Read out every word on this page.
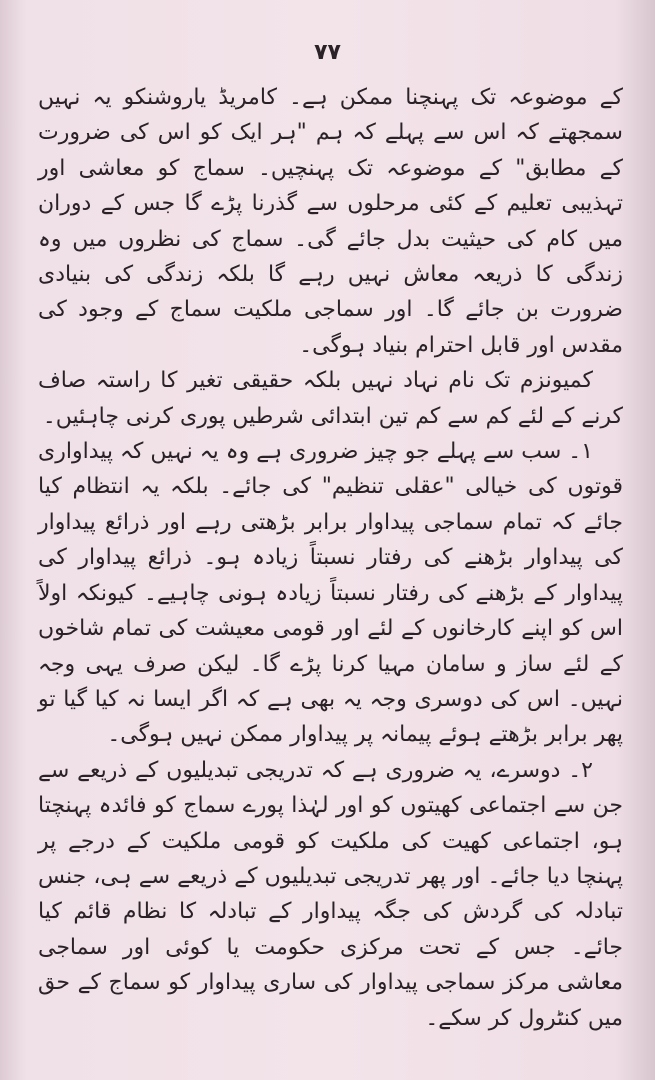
۷۷

کے موضوعہ تک پہنچنا ممکن ہے۔ کامریڈ یاروشنکو یہ نہیں سمجھتے کہ اس سے پہلے کہ ہم "ہر ایک کو اس کی ضرورت کے مطابق" کے موضوعہ تک پہنچیں۔ سماج کو معاشی اور تہذیبی تعلیم کے کئی مرحلوں سے گذرنا پڑے گا جس کے دوران میں کام کی حیثیت بدل جائے گی۔ سماج کی نظروں میں وہ زندگی کا ذریعہ معاش نہیں رہے گا بلکہ زندگی کی بنیادی ضرورت بن جائے گا۔ اور سماجی ملکیت سماج کے وجود کی مقدس اور قابل احترام بنیاد ہوگی۔

کمیونزم تک نام نہاد نہیں بلکہ حقیقی تغیر کا راستہ صاف کرنے کے لئے کم سے کم تین ابتدائی شرطیں پوری کرنی چاہئیں۔

۱۔ سب سے پہلے جو چیز ضروری ہے وہ یہ نہیں کہ پیداواری قوتوں کی خیالی "عقلی تنظیم" کی جائے۔ بلکہ یہ انتظام کیا جائے کہ تمام سماجی پیداوار برابر بڑھتی رہے اور ذرائع پیداوار کی پیداوار بڑھنے کی رفتار نسبتاً زیادہ ہو۔ ذرائع پیداوار کی پیداوار کے بڑھنے کی رفتار نسبتاً زیادہ ہونی چاہیے۔ کیونکہ اولاً اس کو اپنے کارخانوں کے لئے اور قومی معیشت کی تمام شاخوں کے لئے ساز و سامان مہیا کرنا پڑے گا۔ لیکن صرف یہی وجہ نہیں۔ اس کی دوسری وجہ یہ بھی ہے کہ اگر ایسا نہ کیا گیا تو پھر برابر بڑھتے ہوئے پیمانہ پر پیداوار ممکن نہیں ہوگی۔

۲۔ دوسرے، یہ ضروری ہے کہ تدریجی تبدیلیوں کے ذریعے سے جن سے اجتماعی کھیتوں کو اور لہٰذا پورے سماج کو فائدہ پہنچتا ہو، اجتماعی کھیت کی ملکیت کو قومی ملکیت کے درجے پر پہنچا دیا جائے۔ اور پھر تدریجی تبدیلیوں کے ذریعے سے ہی، جنس تبادلہ کی گردش کی جگہ پیداوار کے تبادلہ کا نظام قائم کیا جائے۔ جس کے تحت مرکزی حکومت یا کوئی اور سماجی معاشی مرکز سماجی پیداوار کی ساری پیداوار کو سماج کے حق میں کنٹرول کر سکے۔
